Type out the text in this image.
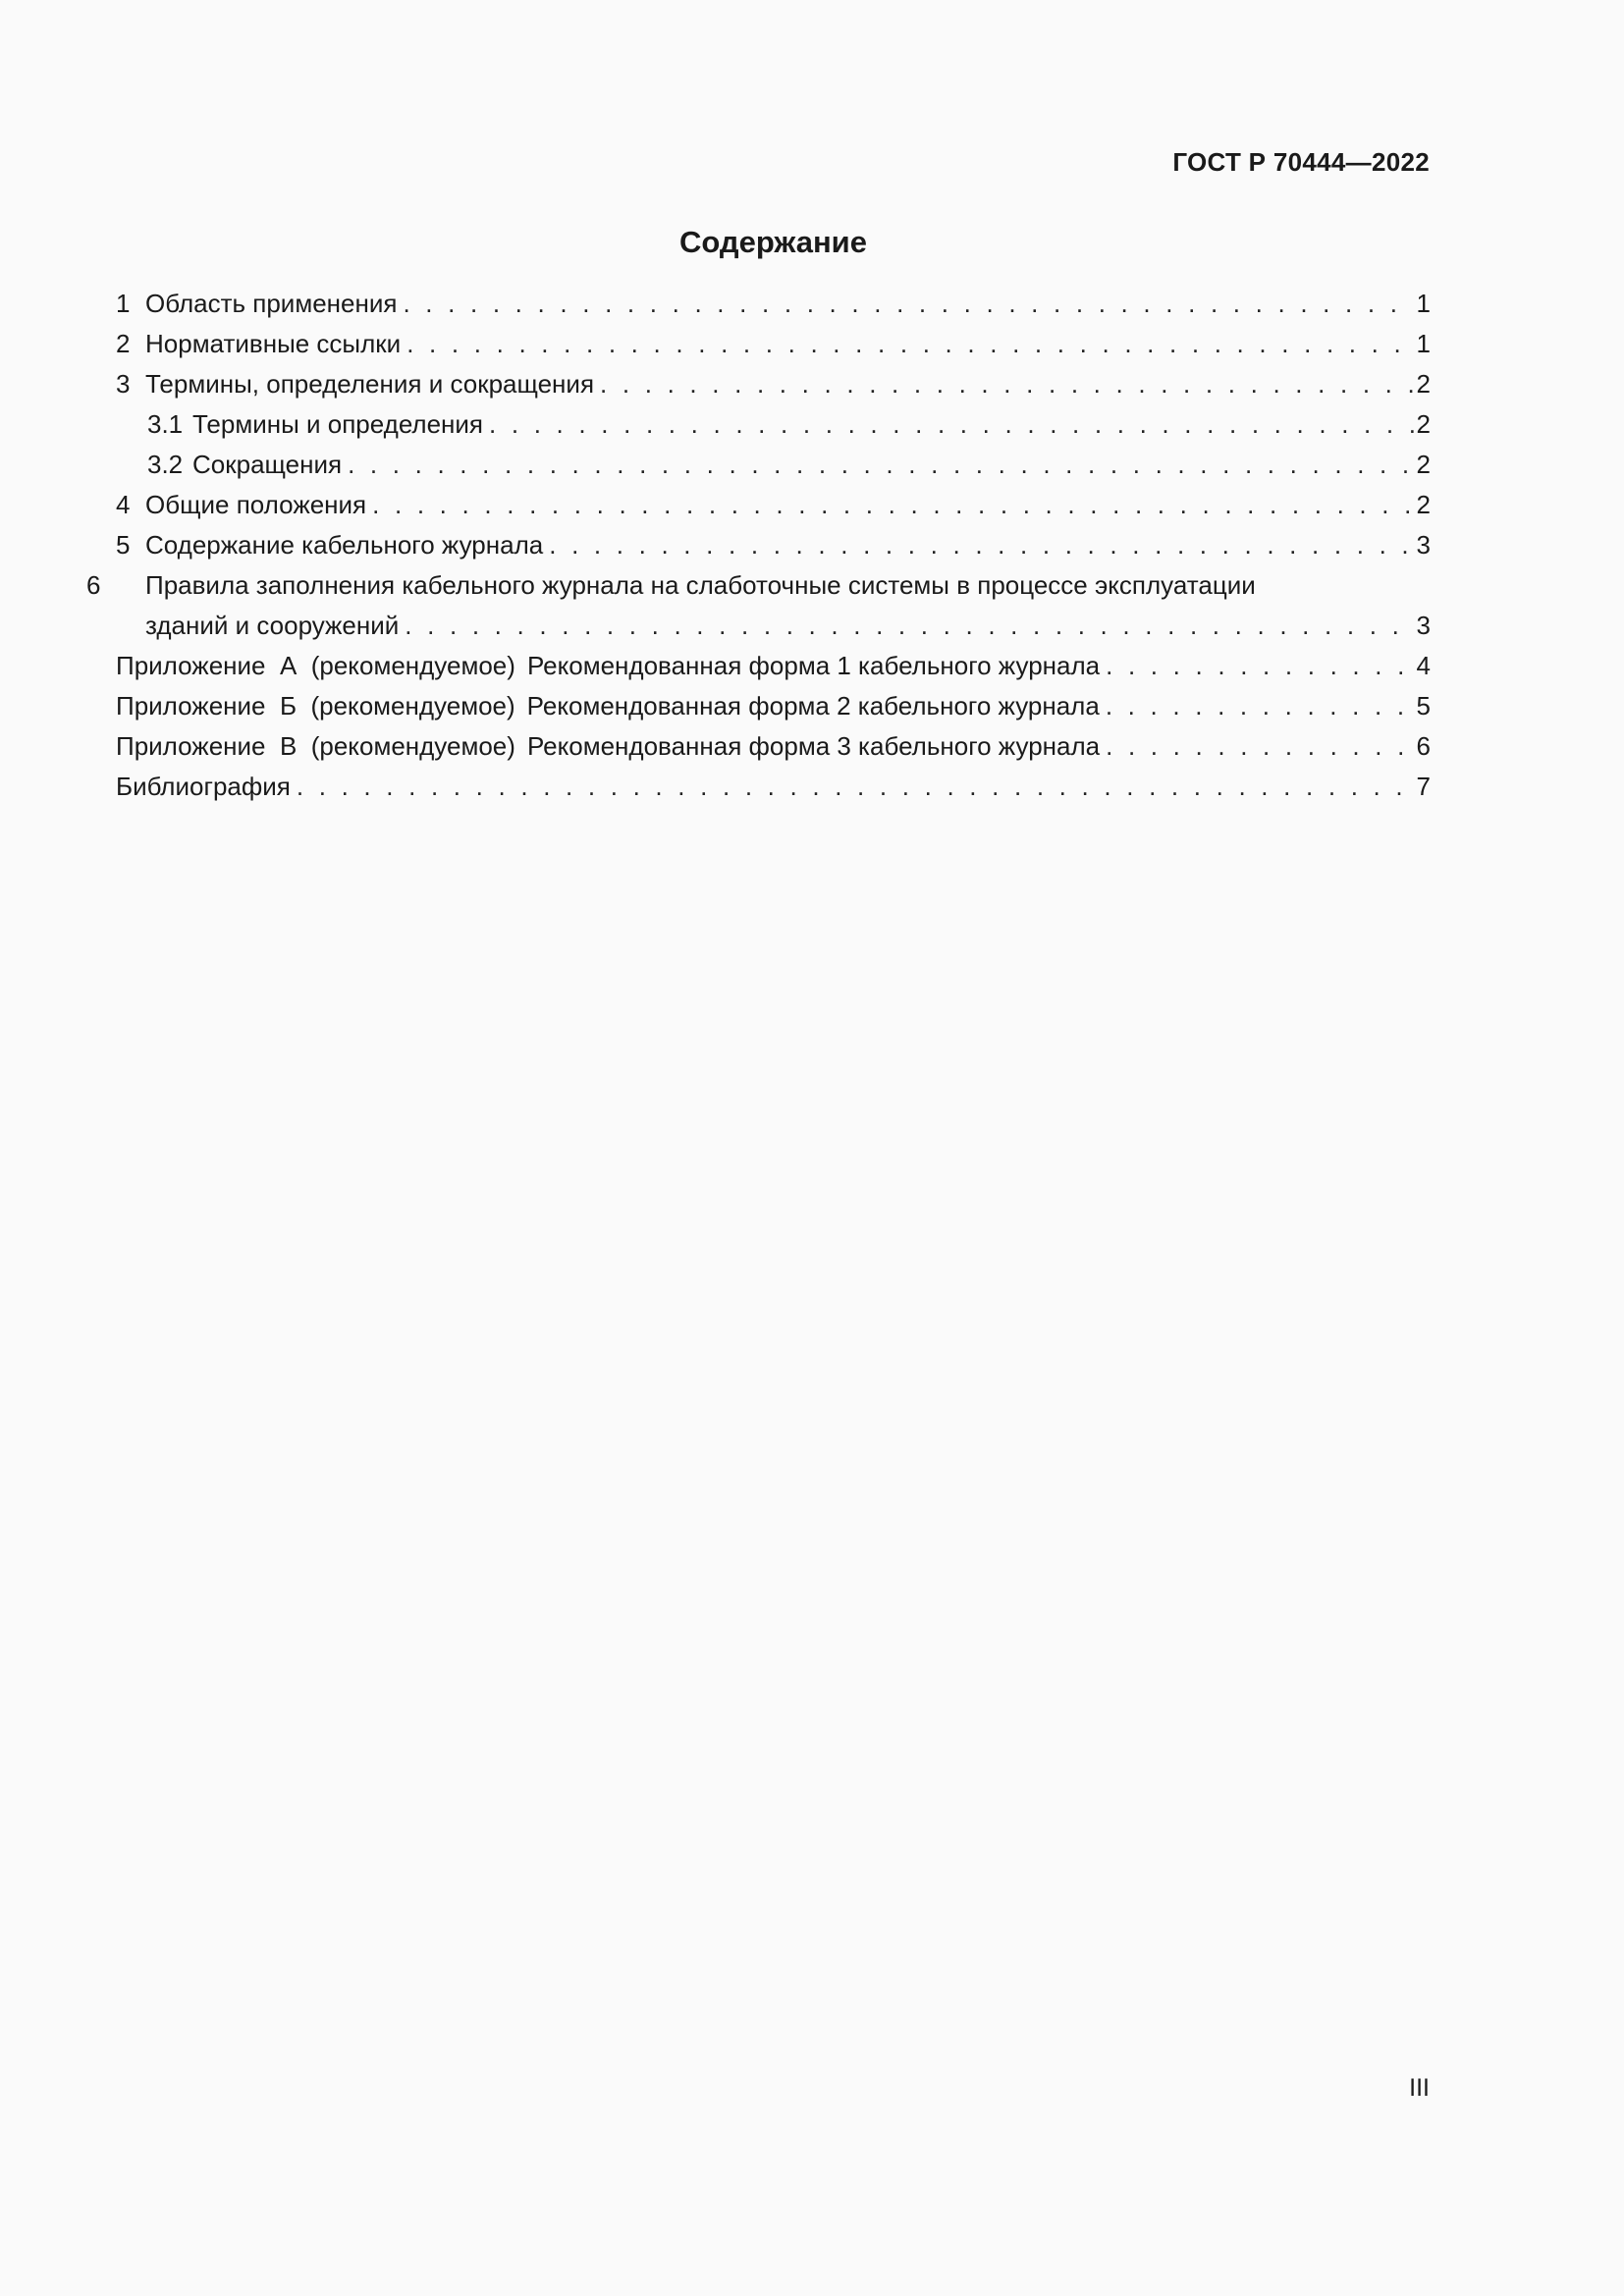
ГОСТ Р 70444—2022
Содержание
1 Область применения . . .	1
2 Нормативные ссылки . . .	1
3 Термины, определения и сокращения . . .	2
3.1 Термины и определения . . .	2
3.2 Сокращения . . .	2
4 Общие положения . . .	2
5 Содержание кабельного журнала . . .	3
6 Правила заполнения кабельного журнала на слаботочные системы в процессе эксплуатации
зданий и сооружений . . .	3
Приложение  А  (рекомендуемое) Рекомендованная форма 1 кабельного журнала . . .	4
Приложение  Б  (рекомендуемое) Рекомендованная форма 2 кабельного журнала . . .	5
Приложение  В  (рекомендуемое) Рекомендованная форма 3 кабельного журнала . . .	6
Библиография . . .	7
III
